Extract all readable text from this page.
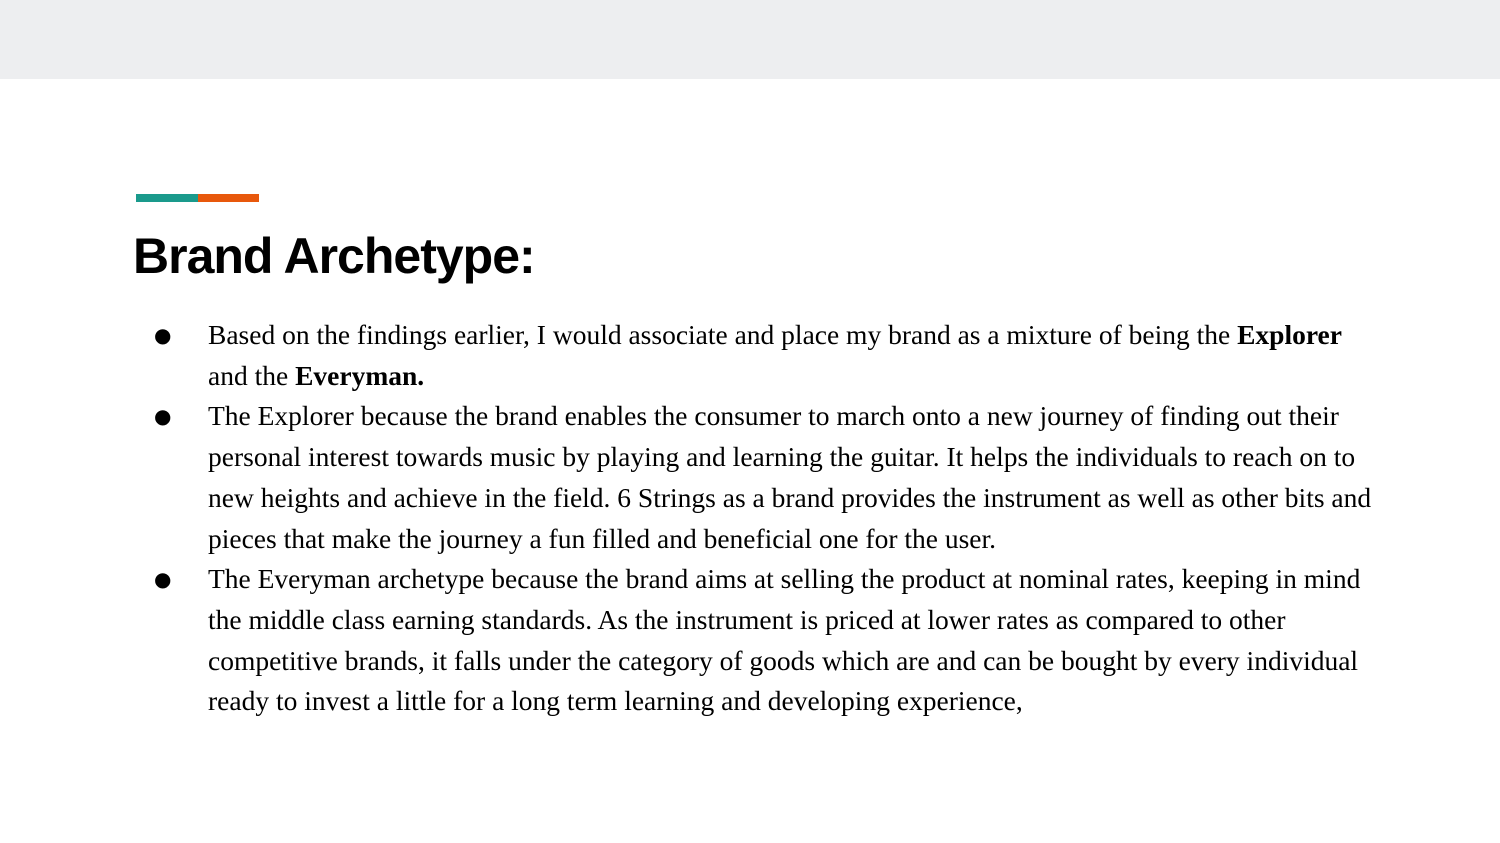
Brand Archetype:
● Based on the findings earlier, I would associate and place my brand as a mixture of being the Explorer and the Everyman.
● The Explorer because the brand enables the consumer to march onto a new journey of finding out their personal interest towards music by playing and learning the guitar. It helps the individuals to reach on to new heights and achieve in the field. 6 Strings as a brand provides the instrument as well as other bits and pieces that make the journey a fun filled and beneficial one for the user.
● The Everyman archetype because the brand aims at selling the product at nominal rates, keeping in mind the middle class earning standards. As the instrument is priced at lower rates as compared to other competitive brands, it falls under the category of goods which are and can be bought by every individual ready to invest a little for a long term learning and developing experience,
